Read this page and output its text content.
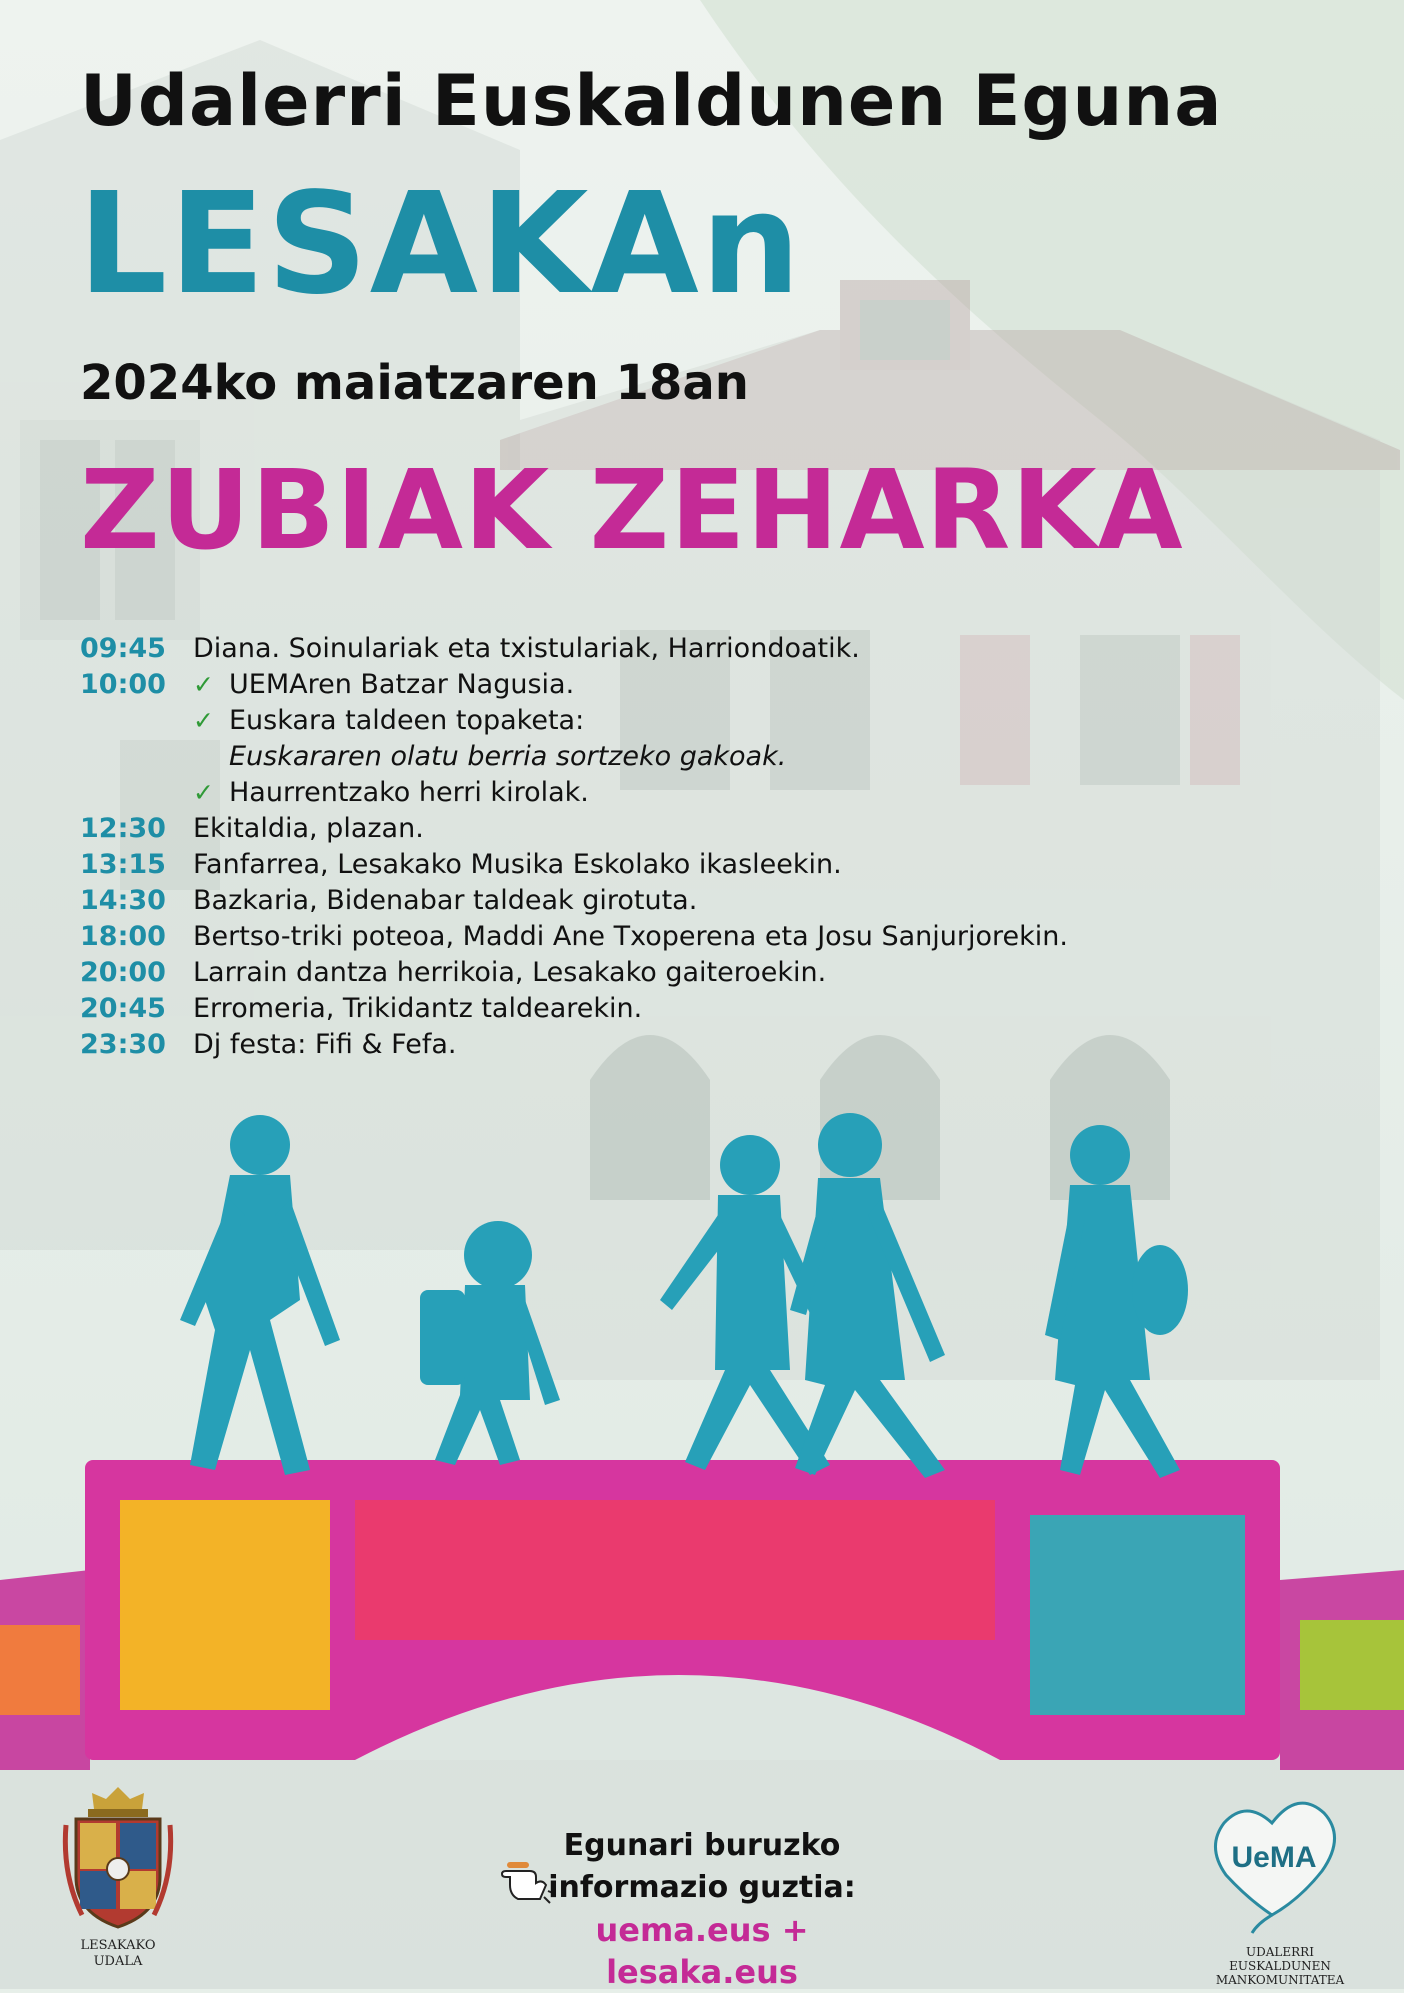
Udalerri Euskaldunen Eguna
LESAKAn
2024ko maiatzaren 18an
ZUBIAK ZEHARKA
09:45	Diana. Soinulariak eta txistulariak, Harriondoatik.
10:00	✓ UEMAren Batzar Nagusia.
✓ Euskara taldeen topaketa:
Euskararen olatu berria sortzeko gakoak.
✓ Haurrentzako herri kirolak.
12:30	Ekitaldia, plazan.
13:15	Fanfarrea, Lesakako Musika Eskolako ikasleekin.
14:30	Bazkaria, Bidenabar taldeak girotuta.
18:00	Bertso-triki poteoa, Maddi Ane Txoperena eta Josu Sanjurjorekin.
20:00	Larrain dantza herrikoia, Lesakako gaiteroekin.
20:45	Erromeria, Trikidantz taldearekin.
23:30	Dj festa: Fifi & Fefa.
LESAKAKO
UDALA
Egunari buruzko
informazio guztia:
uema.eus + lesaka.eus
UeMA
UDALERRI
EUSKALDUNEN
MANKOMUNITATEA
